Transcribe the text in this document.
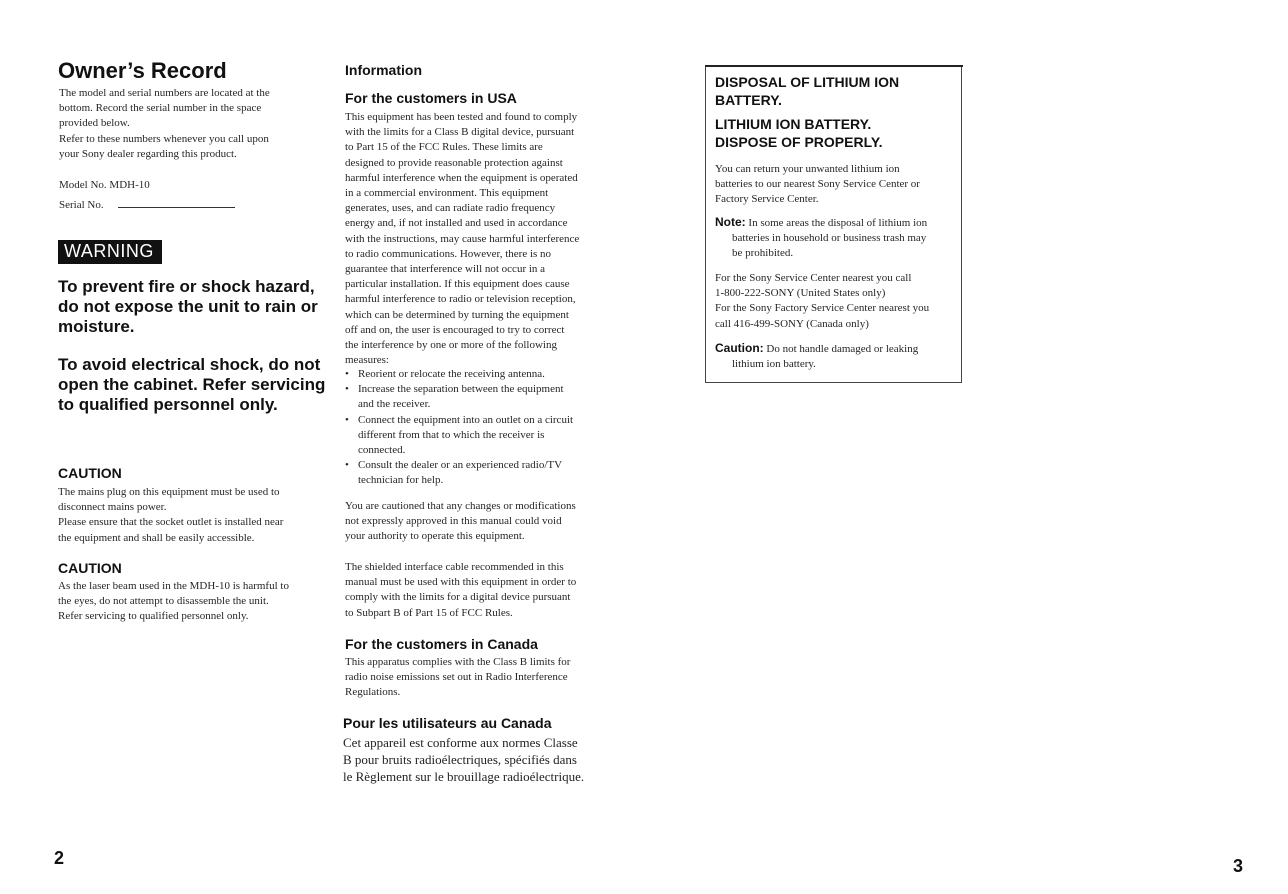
Owner’s Record
The model and serial numbers are located at the
bottom. Record the serial number in the space
provided below.
Refer to these numbers whenever you call upon
your Sony dealer regarding this product.
Model No. MDH-10
Serial No.
WARNING
To prevent fire or shock hazard, do not expose the unit to rain or moisture.
To avoid electrical shock, do not open the cabinet. Refer servicing to qualified personnel only.
CAUTION
The mains plug on this equipment must be used to
disconnect mains power.
Please ensure that the socket outlet is installed near
the equipment and shall be easily accessible.
CAUTION
As the laser beam used in the MDH-10 is harmful to
the eyes, do not attempt to disassemble the unit.
Refer servicing to qualified personnel only.
2
Information
For the customers in USA
This equipment has been tested and found to comply
with the limits for a Class B digital device, pursuant
to Part 15 of the FCC Rules. These limits are
designed to provide reasonable protection against
harmful interference when the equipment is operated
in a commercial environment. This equipment
generates, uses, and can radiate radio frequency
energy and, if not installed and used in accordance
with the instructions, may cause harmful interference
to radio communications. However, there is no
guarantee that interference will not occur in a
particular installation. If this equipment does cause
harmful interference to radio or television reception,
which can be determined by turning the equipment
off and on, the user is encouraged to try to correct
the interference by one or more of the following
measures:
• Reorient or relocate the receiving antenna.
• Increase the separation between the equipment
and the receiver.
• Connect the equipment into an outlet on a circuit
different from that to which the receiver is
connected.
• Consult the dealer or an experienced radio/TV
technician for help.
You are cautioned that any changes or modifications
not expressly approved in this manual could void
your authority to operate this equipment.
The shielded interface cable recommended in this
manual must be used with this equipment in order to
comply with the limits for a digital device pursuant
to Subpart B of Part 15 of FCC Rules.
For the customers in Canada
This apparatus complies with the Class B limits for
radio noise emissions set out in Radio Interference
Regulations.
Pour les utilisateurs au Canada
Cet appareil est conforme aux normes Classe
B pour bruits radioélectriques, spécifiés dans
le Règlement sur le brouillage radioélectrique.
DISPOSAL OF LITHIUM ION
BATTERY.
LITHIUM ION BATTERY.
DISPOSE OF PROPERLY.
You can return your unwanted lithium ion
batteries to our nearest Sony Service Center or
Factory Service Center.
Note: In some areas the disposal of lithium ion
batteries in household or business trash may
be prohibited.
For the Sony Service Center nearest you call
1-800-222-SONY (United States only)
For the Sony Factory Service Center nearest you
call 416-499-SONY (Canada only)
Caution: Do not handle damaged or leaking
lithium ion battery.
3
